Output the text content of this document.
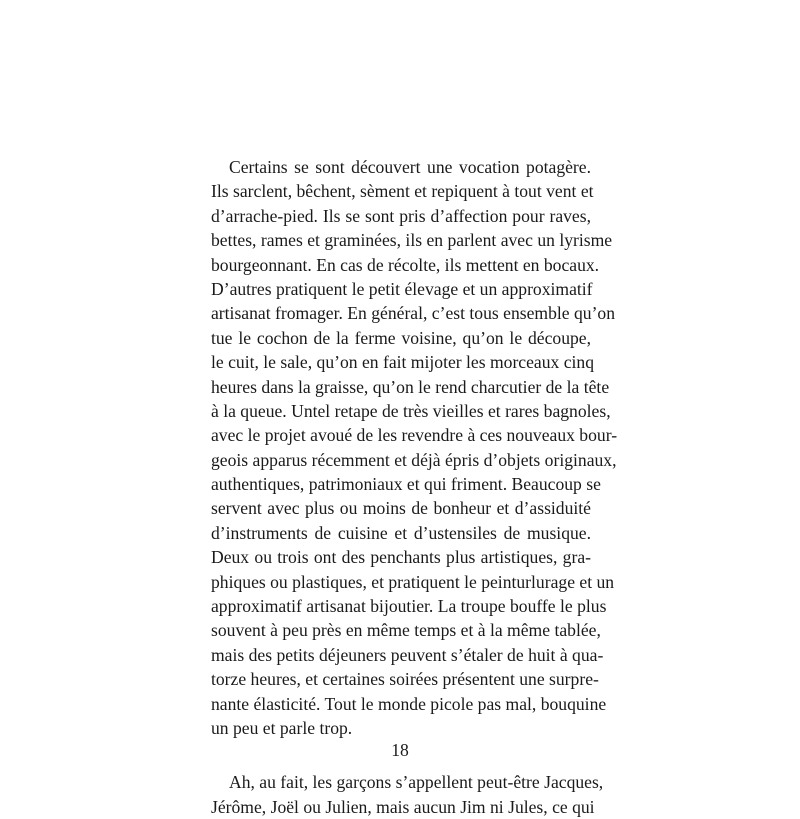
Certains se sont découvert une vocation potagère.
Ils sarclent, bêchent, sèment et repiquent à tout vent et
d’arrache-pied. Ils se sont pris d’affection pour raves,
bettes, rames et graminées, ils en parlent avec un lyrisme
bourgeonnant. En cas de récolte, ils mettent en bocaux.
D’autres pratiquent le petit élevage et un approximatif
artisanat fromager. En général, c’est tous ensemble qu’on
tue le cochon de la ferme voisine, qu’on le découpe,
le cuit, le sale, qu’on en fait mijoter les morceaux cinq
heures dans la graisse, qu’on le rend charcutier de la tête
à la queue. Untel retape de très vieilles et rares bagnoles,
avec le projet avoué de les revendre à ces nouveaux bour-
geois apparus récemment et déjà épris d’objets originaux,
authentiques, patrimoniaux et qui friment. Beaucoup se
servent avec plus ou moins de bonheur et d’assiduité
d’instruments de cuisine et d’ustensiles de musique.
Deux ou trois ont des penchants plus artistiques, gra-
phiques ou plastiques, et pratiquent le peinturlurage et un
approximatif artisanat bijoutier. La troupe bouffe le plus
souvent à peu près en même temps et à la même tablée,
mais des petits déjeuners peuvent s’étaler de huit à qua-
torze heures, et certaines soirées présentent une surpre-
nante élasticité. Tout le monde picole pas mal, bouquine
un peu et parle trop.
Ah, au fait, les garçons s’appellent peut-être Jacques,
Jérôme, Joël ou Julien, mais aucun Jim ni Jules, ce qui
18
